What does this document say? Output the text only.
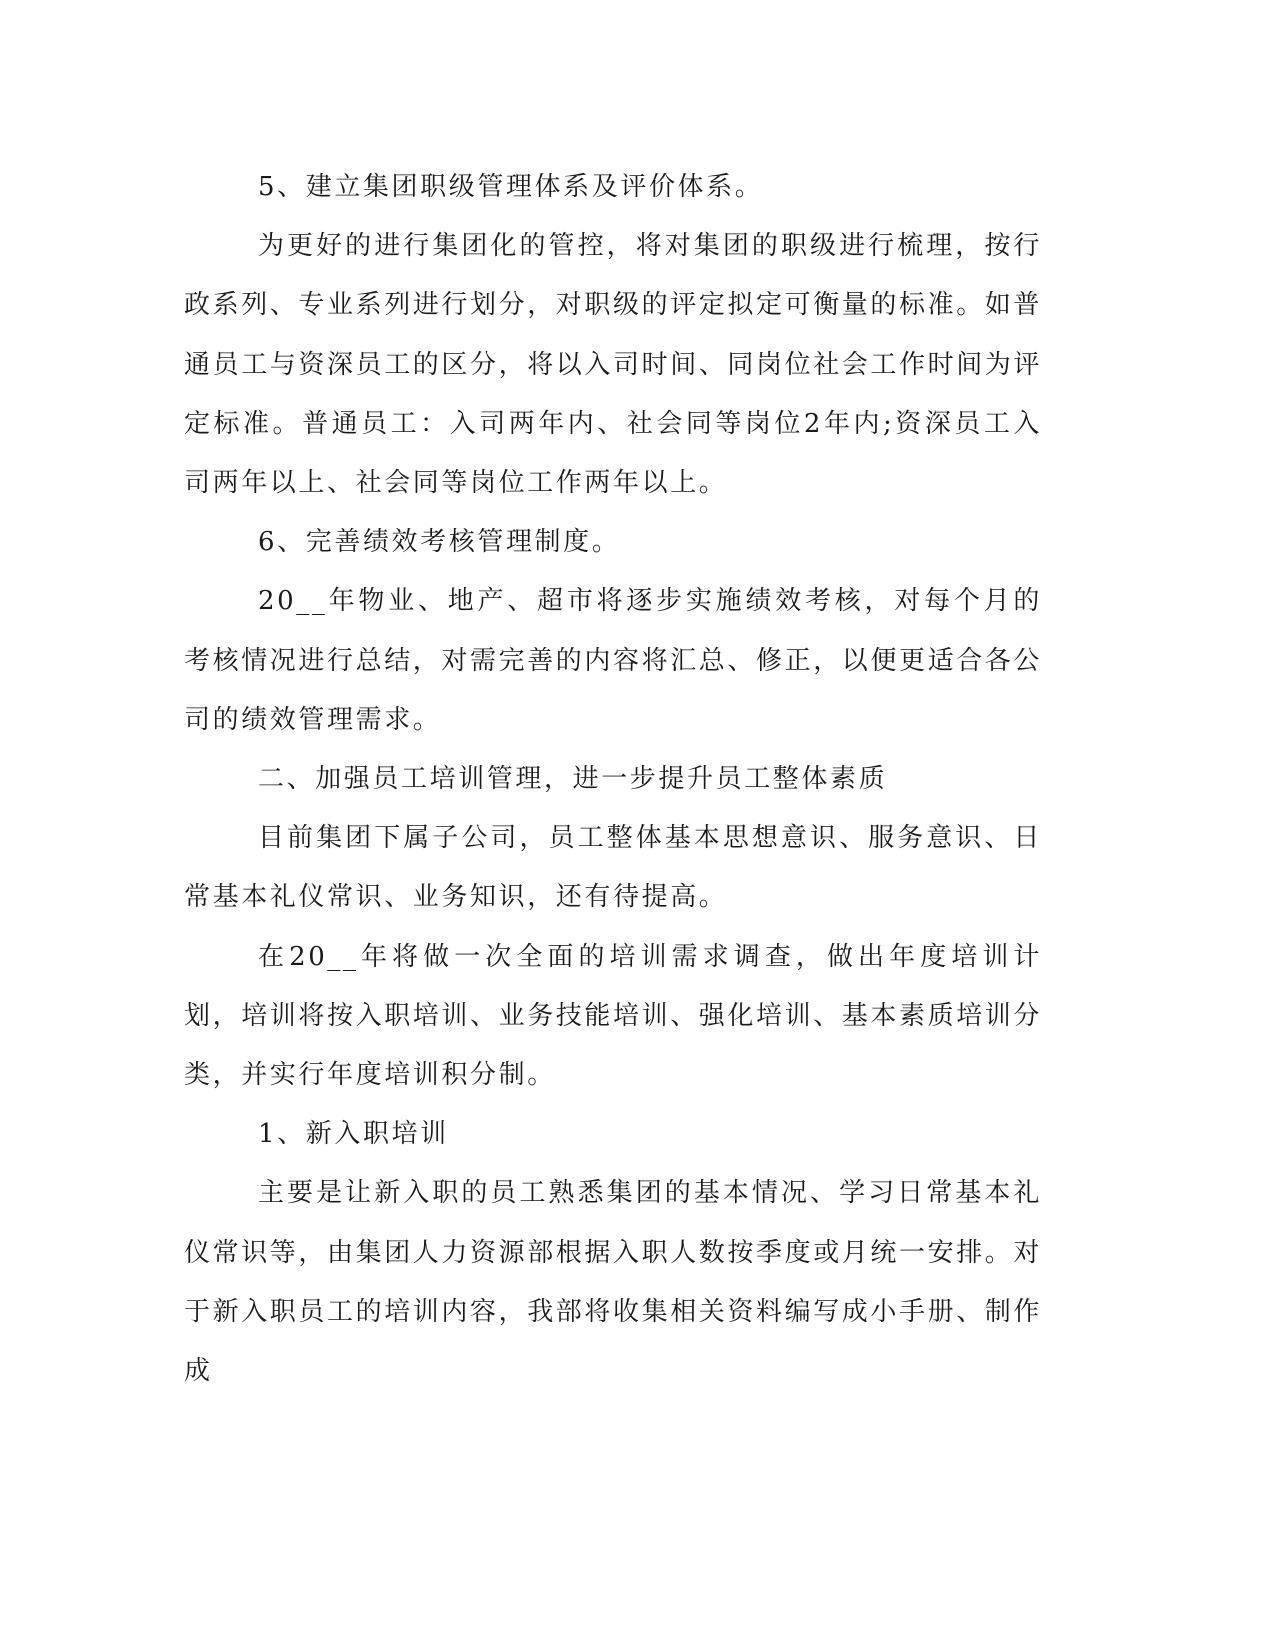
5、建立集团职级管理体系及评价体系。

为更好的进行集团化的管控，将对集团的职级进行梳理，按行政系列、专业系列进行划分，对职级的评定拟定可衡量的标准。如普通员工与资深员工的区分，将以入司时间、同岗位社会工作时间为评定标准。普通员工：入司两年内、社会同等岗位2年内;资深员工入司两年以上、社会同等岗位工作两年以上。

6、完善绩效考核管理制度。

20__年物业、地产、超市将逐步实施绩效考核，对每个月的考核情况进行总结，对需完善的内容将汇总、修正，以便更适合各公司的绩效管理需求。

二、加强员工培训管理，进一步提升员工整体素质

目前集团下属子公司，员工整体基本思想意识、服务意识、日常基本礼仪常识、业务知识，还有待提高。

在20__年将做一次全面的培训需求调查，做出年度培训计划，培训将按入职培训、业务技能培训、强化培训、基本素质培训分类，并实行年度培训积分制。

1、新入职培训

主要是让新入职的员工熟悉集团的基本情况、学习日常基本礼仪常识等，由集团人力资源部根据入职人数按季度或月统一安排。对于新入职员工的培训内容，我部将收集相关资料编写成小手册、制作成
